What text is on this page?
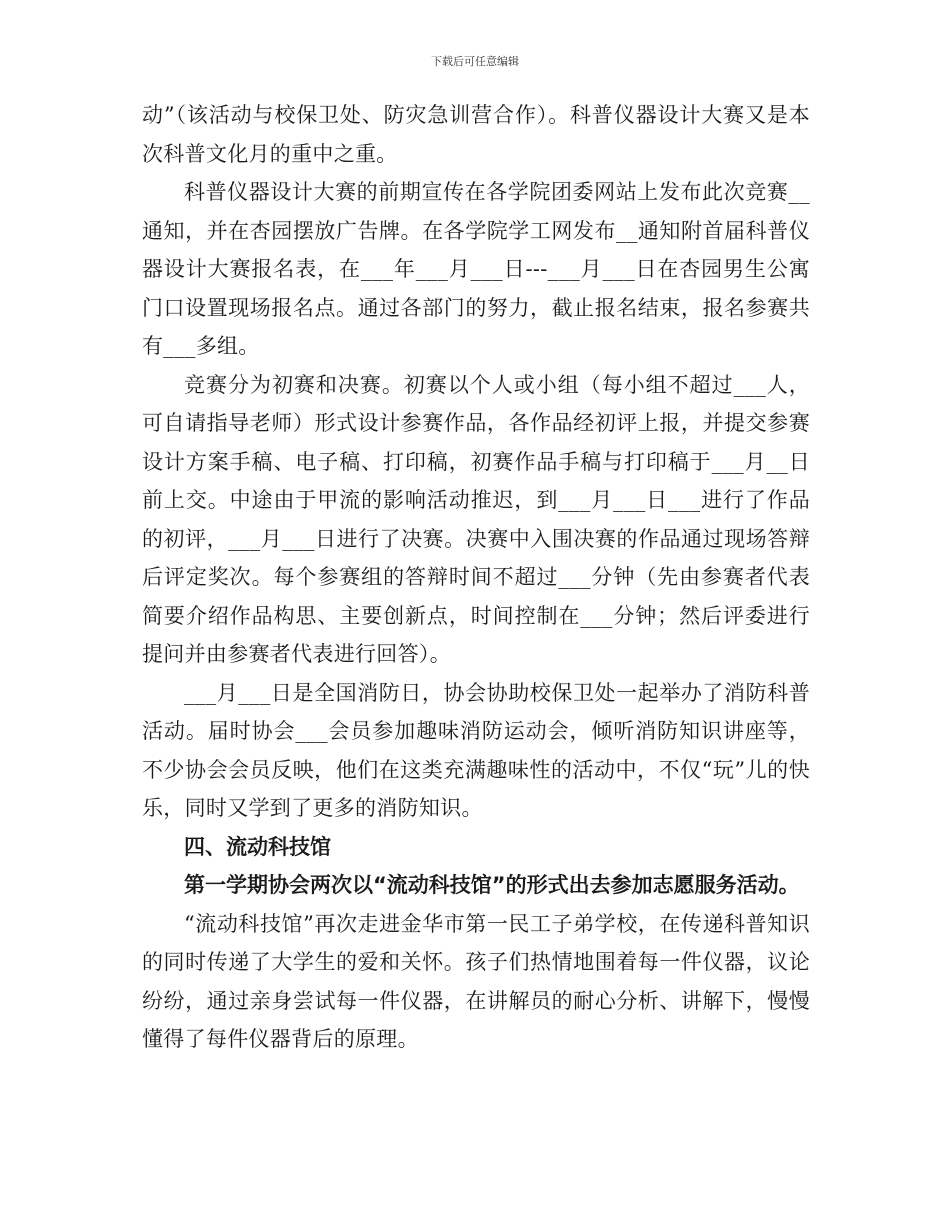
下载后可任意编辑

动”（该活动与校保卫处、防灾急训营合作）。科普仪器设计大赛又是本次科普文化月的重中之重。

科普仪器设计大赛的前期宣传在各学院团委网站上发布此次竞赛__通知，并在杏园摆放广告牌。在各学院学工网发布__通知附首届科普仪器设计大赛报名表，在___年___月___日---___月___日在杏园男生公寓门口设置现场报名点。通过各部门的努力，截止报名结束，报名参赛共有___多组。

竞赛分为初赛和决赛。初赛以个人或小组（每小组不超过___人，可自请指导老师）形式设计参赛作品，各作品经初评上报，并提交参赛设计方案手稿、电子稿、打印稿，初赛作品手稿与打印稿于___月__日前上交。中途由于甲流的影响活动推迟，到___月___日___进行了作品的初评，___月___日进行了决赛。决赛中入围决赛的作品通过现场答辩后评定奖次。每个参赛组的答辩时间不超过___分钟（先由参赛者代表简要介绍作品构思、主要创新点，时间控制在___分钟；然后评委进行提问并由参赛者代表进行回答）。

___月___日是全国消防日，协会协助校保卫处一起举办了消防科普活动。届时协会___会员参加趣味消防运动会，倾听消防知识讲座等，不少协会会员反映，他们在这类充满趣味性的活动中，不仅“玩”儿的快乐，同时又学到了更多的消防知识。

四、流动科技馆

第一学期协会两次以“流动科技馆”的形式出去参加志愿服务活动。

“流动科技馆”再次走进金华市第一民工子弟学校，在传递科普知识的同时传递了大学生的爱和关怀。孩子们热情地围着每一件仪器，议论纷纷，通过亲身尝试每一件仪器，在讲解员的耐心分析、讲解下，慢慢懂得了每件仪器背后的原理。
